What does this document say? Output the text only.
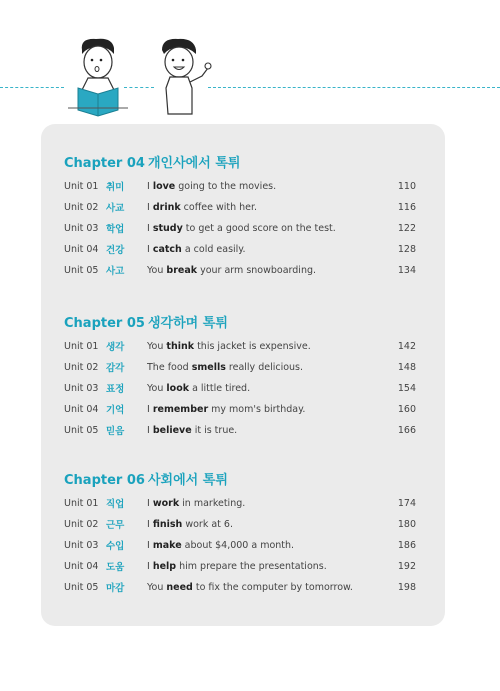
Chapter 04 개인사에서 톡튀
Unit 01 취미	I love going to the movies.	110
Unit 02 사교	I drink coffee with her.	116
Unit 03 학업	I study to get a good score on the test.	122
Unit 04 건강	I catch a cold easily.	128
Unit 05 사고	You break your arm snowboarding.	134
Chapter 05 생각하며 톡튀
Unit 01 생각	You think this jacket is expensive.	142
Unit 02 감각	The food smells really delicious.	148
Unit 03 표정	You look a little tired.	154
Unit 04 기억	I remember my mom's birthday.	160
Unit 05 믿음	I believe it is true.	166
Chapter 06 사회에서 톡튀
Unit 01 직업	I work in marketing.	174
Unit 02 근무	I finish work at 6.	180
Unit 03 수입	I make about $4,000 a month.	186
Unit 04 도움	I help him prepare the presentations.	192
Unit 05 마감	You need to fix the computer by tomorrow.	198
